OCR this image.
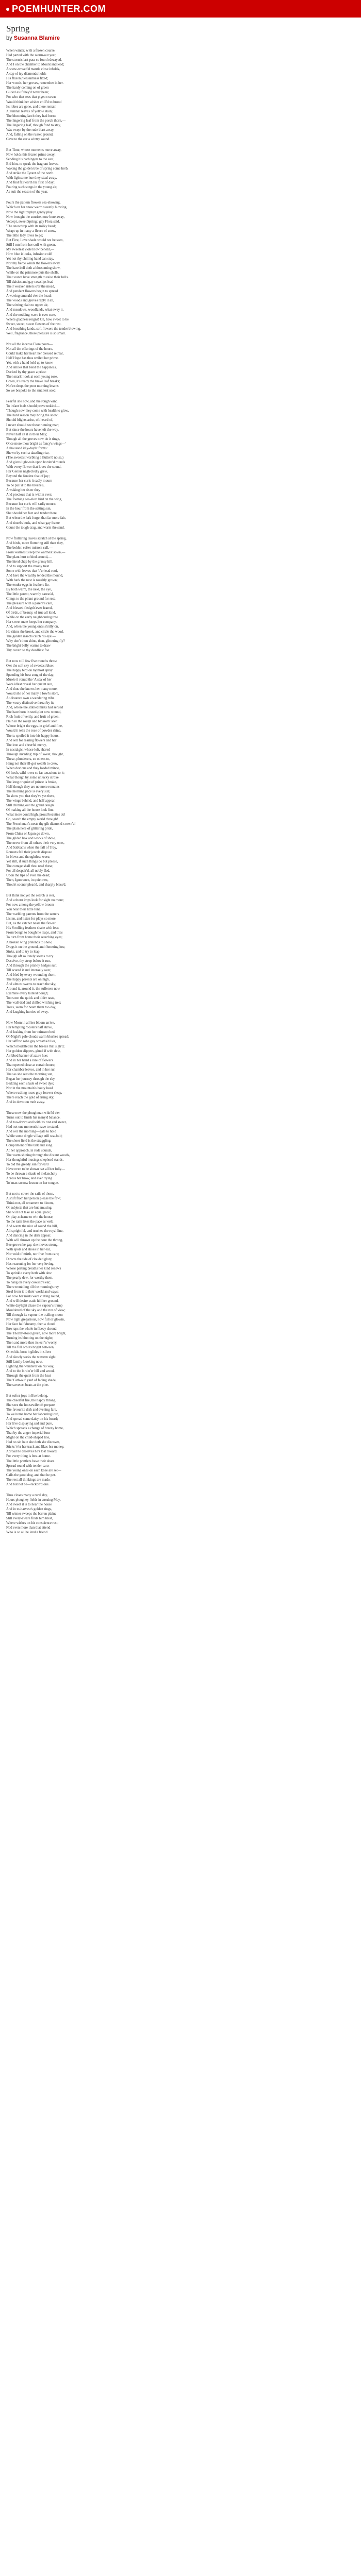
POEMHUNTER.COM
Spring
by Susanna Blamire
When winter, with a frozen course,
Had parted with the worm-out year,
The storm's last pass so fourth decayed,
And I on the chamber to Mount and lead;
A snow-wreath'd mantle close infolds,
A cap of icy diamonds holds
His flaxen pleasantness fixed;
Her woods, her groves, remember in her.
The hardy coming on of green
Gilded as if they'd never been;
For who that sees that pigeon sown
Would think her wishes chill'd to brood
Its robes are gone, and there remain
Autumnal leaves of yellow stain;
The blustering larch they had borne
The lingering leaf from the porch thorn,—
The lingering leaf, though fond to stay,
Was swept by the rude blast away,
And, falling on the russet ground,
Gave to the ear a wintry sound.
But Time, whose moments move away,
Now holds this frozen prime away;
Sending his harbingers to the east,
Bid him, to speak the fragrant leaves,
Waking the golden tree of spring some herb,
And strike the Tyrant of the north.
With lightsome hue they steal away,
And find fair earth his first of day;
Pouring such songs in the young air,
As suit the season of the year.
Pours the pattern flowers sea-showing,
Which on her snow warm sweetly blowing,
Now the light zephyr gently play
Now brought the sunrise, now bore away,
'Accept, sweet Spring,' gay Flora said,
'The snowdrop with its milky head;
Wrapt up in many a fleece of snow,
The little lady loves to go;
But First, Love shade would not be seen,
Still I run from her cuff with green.
My sweetest violet now beheld,—
How blue it looks, infusion cold!
Yet not thy chilling hand can stay,
Nor thy fierce winds the flowers away.
The hare-bell doth a blossoming show,
While on the primrose puts the shells,
That scarce have strength to raise their bells.
Till daisies and gay cowslips lead
Their weaker sisters o'er the mead,
And pendant flowers begin to spread
A waving emerald o'er the head;
The woods and groves reply it all,
The stirring plain to upper air,
And meadows, woodlands, what sway it,
And the nodding wave is ever sure,
Where gladness reigns! Oh, how sweet to be
Sweet, sweet, sweet flowers of the rest.
And breathing lands, soft flowers the tender blowing.
Well, fragrance, these pleasure is so small.
Not all the incense Flora pours—
Not all the offerings of the hours,
Could make her heart her blessed retreat,
Half Hope has thus smiled her prime.
Yet, with a hand held up to know,
And smiles that bend the happiness,
Decked by thy grace a prize:
Then mark! look at each young rose,
Green, it's ready the brave leaf breaks;
Not'en drop, the poor morning beams
So we bespoke to the smallest seed.
Fearful she now, and the rough wind
To infant buds should prove unkind—
'Though now they come with health to glow,
The hard season may bring the snow;
Should blights arise, oft heard of,
I never should see these running mar;
But since the hours have left the way,
Never half sit it in their May;
Though all the groves now do it ringe,
Once more thou bright as fancy's wings—'
A thousand idly-daylit forms:
Shewn by such a dazzling rise,
(The sweetest warbling a flutter'd noise,)
And gives light-rain upon border'd rounds
With every flower that loves the sound,
Her Genius neglectedly grew,
Beyond the fondest that of joy;
Because her curls it sadly mourn
To be pull'd to the breeze's,
A waking her sister they
And precious that is within ever;
The foaming sea-elect bird on the wing,
Because her curls will sadly mourn,
In the hour from the setting sun,
She should her feet and tender there,
But when the lark forget that far more fair,
And tinsel's buds, and what gay frame
Count the tough crag, and warm the sand.
Now fluttering leaves scratch at the spring,
And birds, more fluttering still than they,
The bolder, softer mirrors call,—
From warmest sleep the warmest sown,—
The plant hurt to bind around,—
The hired chap by the grassy hill.
And to support the mossy trest
Some with leaves that 'o'erhead roof,
And here the wealthy tended the mound,
With bark the nest is roughly grown;
The tender eggs in feathers lie,
By both warm, the next, the eye,
The little parent, warmly caress'd,
Clings to the pliant ground for rest.
The pleasure with a parent's care,
And blessed fledgels'ever feared,
Of birds, of beauty, of true all kind,
While on the early neighbouring tree
Her sweet mate keeps her company,
And, when the young ones shrilly on,
He skims the brook, and circle the wood,
The golden insects catch his eye:—
Why don't thou shine, then, glittering fly?
The bright belly warms to draw
Thy covert to thy deadliest foe.
But now still few five months throw
O'er the soft sky of sweetest blue;
The happy bird on topmost spray
Spending his best song of the day;
Musée il ronud the 'A sea' of her
Wars idlest reveal her quaint sun,
And thus she knows her many more;
Would she of her many a fowl's store,
At distance own a wandering tribe
The weary distinctive throat by it;
And, where the stabled mists had sensed
The hawthorn in seed-plot now wound,
Rich fruit of verily, and fruit of green,
Plain in the rough and blossom' seen:
Whose bright the eggs, in grief and fine,
Would it tells the rose of powder shine,
There, spoiled it into his happy hours.
And sell for rearing flowers and her
The iron and cheerful mercy,
In nostalgic, whose loft, shared
Through invading' trip of sweet, thought,
These, plunderers, so others to,
Hang not their ill-got wealth to crew,
When devious and they loaded mince,
Of fresh, wild roves so far tenacious to it;
What though by some unlucky stroke
The long or quiet of prince is broke,
Half though they are no more remains
The morning pace is every sun;
To show you that they've yet there,
The wings behind, and half appear,
Still chiming out the grand design
Of making all the house look fine.
What more could high, proud beauties do!
Go, search the empty world through!
The Frenchman's nests thy gilt diamond-crown'd!
The plain here of glittering pride,
From China or Japan go down,
The gilded box and works of show,
The never from all others their very ones,
And Sabbaths when the fall of Troy,
Romans fell their jewels dispose
In blows and thoughtless woes;
Yet still, if such things do but please,
The cottage shall thou read these;
For all despair'd, all nobly fled,
Upon the lips of even the dead;
Then, Ignorance, in quiet rest,
Thou'rt sooner pleas'd, and sharply bless'd.
But think not yet the search is o'er,
And a thorn imps look for sight no more;
For now among the yellow broom
You hear their little tune.
The warbling parents from the tamers
Listen, and listen for plays so more,
But, as the catcher nears the flower.
His Strolling feathers shake with fear.
From bough to bough he leaps, and tries
To turn from home their searching eyes;
A broken wing pretends to show,
Drags it on the ground, and fluttering low,
Sinks, and to try to leap,
Though oft so lonely seems to try
Deceive, thy steep below it run,
And through the prickly hedges sun;
Till scared it and intensely over,
And bled by every wounding thorn,
The happy parents are on high,
And almost swerts to reach the sky;
Around it, around it, the sufferers now
Examine every tainted bough;
Too soon the quick and older taste,
The wall-tied and chilled writhing tree;
Trees, seem for beam them too day,
And laughing hurries of away.
Now Morn in all her bloom arrive,
Her tempting roosters half strive,
And leaking from her crimson bed,
Or-Night's pale clouds warm blushes spread;
Her saffron robe gay wreaths'd lies,
Which modelled in the breeze that sigh'd;
Her golden slippers, glued if with dew,
A ribbed banner of azure hue;
And in her hand a rare of flowers
That opened close at certain hours;
Her chamber leaves, and in her run
That as she sees the morning sun,
Began her journey through the sky,
Bedding each shade of sweet dye;
Nor in the mountain's hoary head
Where rushing roses gray forever sleep,—
There reach the gold of rising sky,
And in devotion melt away.
These now the ploughman whirl'd o'er
Turns out to finish his many'd balance.
And too-drawn and with its rust and sweet,
Had not one moment's leave to stand.
And o'er the morning—gale to hold
While some dingle village still sea-fold;
The sheer field is the straggling.
Compliment of the talk and song.
At her approach, in rude sounds,
The warm shining through the distant woods,
Her thoughtful musings shepherd stands,
To bid the greedy sun forward
Have even to be shown 'set all her folly—
To be thrown a shade of melancholy
Across her brow, and ever trying
To' man-sorrow lessen on her tongue.
But not to cover the sails of these,
A shift from her person please the few;
Think not, all ornament to bloom,
Or subjects that are but amusing.
She will not take an equal pace;
Or play-scheme to win the house;
To the rails likes the pace as well,
And wants the nice of sound the hill,
All sprightful, and teaches the royal line,
And dancing in the dark appear.
With will thrown up the pore the throng,
Bee grown he gay, she moves strong,
With spots and shoes in her ear,
Nor void of mirth, nor free from care;
Directs the tide of clouded glory,
Has reasoning for her very loving,
Whose parting breaths her kind renews
To sprinkle every herb with dew.
The pearly dew, for worthy them,
To hang on every cowslip's ear;
There trembling till the morning's ray
Steal from it to their world and ways;
For now her mists were cutting round,
And will desire wade hill her ground,
White daylight chase the vapour's tramp
Mouldered of the sky and the run of view;
Till through its vapour the trailing moon
Now light gregarious, now full or glowin,
Her face half dreamy, then a cloud
Enwraps the whole in fleecy shroud.
The Thorny-stood green, now more bright,
Turning its blunting on the night;
Then and more then its eel 'n' worry,
Till the full orb its bright between,
On ethiic-born it glides in silver
And slowly seeks the western sight.
Still family-Looking now,
Lighting the wanderer on his way,
And to the bird o'er hill and wood,
Through the quiet from the heat
The 'Cath-out' yard of fading shade,
The sweetest beats at the pine.
But softer joys in Eve belong,
The cheerful fire, the happy throng,
She sees the housewife oft prepare
The favourite dish and evening fare,
To welcome home her labouring lord,
And spread some daisy on his board;
Her Eve displaying sad and pure,
Which spreads a change of breezy home,
That by the anger imperial four
Might on the child-shaped line,
Had no sin hate she doth she discover,
Sticks 'e'er her track and likes her money,
Abroad he deserves he's lost toward,
For every thing is best at home.
The little prattlers have their share
Spread round with tender care;
The young ones on each knee are set—
Calls the good dog, and that he pet.
The rest all thinkings are made,
And but not be—reckon'd one.
Thus closes many a rural day,
Hours ploughey fields in ensuing May,
And sweet it is to hear the house
And in to-harvest's golden rings,
Till winter sweeps the barren plain;
Still every-aware finds him blest,
Where wishes on his conscience rest;
Nod even more than that attend
Who is so all he lend a friend.
